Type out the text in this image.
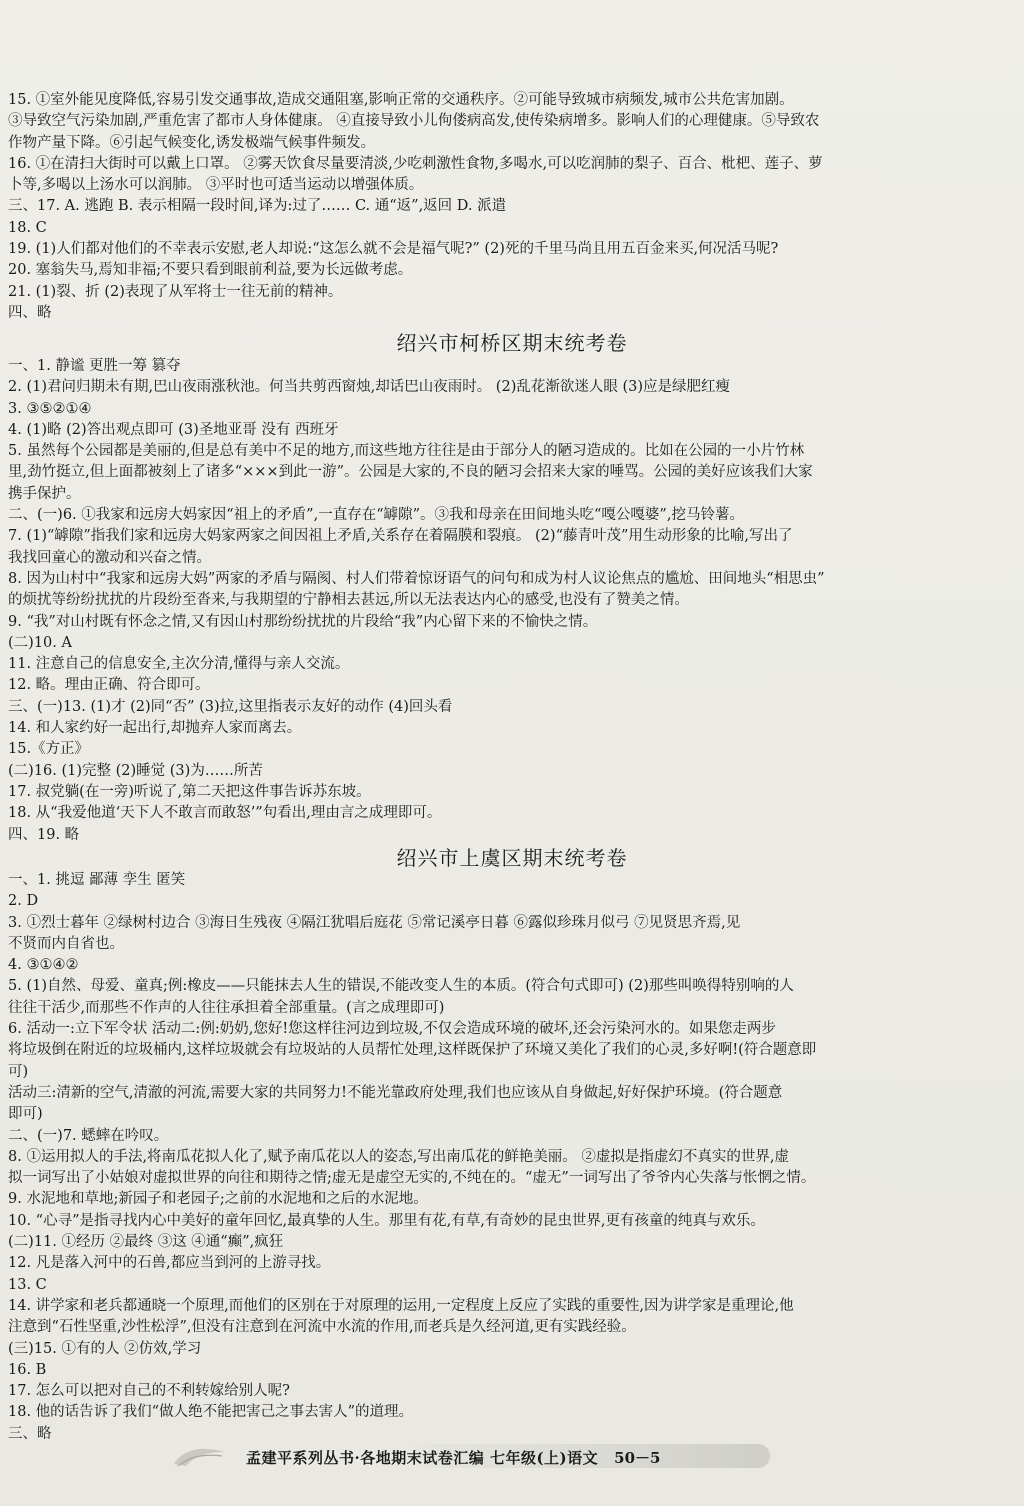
15. ①室外能见度降低,容易引发交通事故,造成交通阻塞,影响正常的交通秩序。②可能导致城市病频发,城市公共危害加剧。
③导致空气污染加剧,严重危害了都市人身体健康。 ④直接导致小儿佝偻病高发,使传染病增多。影响人们的心理健康。⑤导致农
作物产量下降。⑥引起气候变化,诱发极端气候事件频发。
16. ①在清扫大街时可以戴上口罩。 ②雾天饮食尽量要清淡,少吃刺激性食物,多喝水,可以吃润肺的梨子、百合、枇杷、莲子、萝
卜等,多喝以上汤水可以润肺。 ③平时也可适当运动以增强体质。
三、17. A. 逃跑 B. 表示相隔一段时间,译为:过了…… C. 通“返”,返回 D. 派遣
18. C
19. (1)人们都对他们的不幸表示安慰,老人却说:“这怎么就不会是福气呢?” (2)死的千里马尚且用五百金来买,何况活马呢?
20. 塞翁失马,焉知非福;不要只看到眼前利益,要为长远做考虑。
21. (1)裂、折 (2)表现了从军将士一往无前的精神。
四、略
绍兴市柯桥区期末统考卷
一、1. 静谧 更胜一筹 篡夺
2. (1)君问归期未有期,巴山夜雨涨秋池。何当共剪西窗烛,却话巴山夜雨时。 (2)乱花渐欲迷人眼 (3)应是绿肥红瘦
3. ③⑤②①④
4. (1)略 (2)答出观点即可 (3)圣地亚哥 没有 西班牙
5. 虽然每个公园都是美丽的,但是总有美中不足的地方,而这些地方往往是由于部分人的陋习造成的。比如在公园的一小片竹林
里,劲竹挺立,但上面都被刻上了诸多“×××到此一游”。公园是大家的,不良的陋习会招来大家的唾骂。公园的美好应该我们大家
携手保护。
二、(一)6. ①我家和远房大妈家因“祖上的矛盾”,一直存在“罅隙”。③我和母亲在田间地头吃“嘎公嘎婆”,挖马铃薯。
7. (1)“罅隙”指我们家和远房大妈家两家之间因祖上矛盾,关系存在着隔膜和裂痕。 (2)“藤青叶茂”用生动形象的比喻,写出了
我找回童心的激动和兴奋之情。
8. 因为山村中“我家和远房大妈”两家的矛盾与隔阂、村人们带着惊讶语气的问句和成为村人议论焦点的尴尬、田间地头“相思虫”
的烦扰等纷纷扰扰的片段纷至沓来,与我期望的宁静相去甚远,所以无法表达内心的感受,也没有了赞美之情。
9. “我”对山村既有怀念之情,又有因山村那纷纷扰扰的片段给“我”内心留下来的不愉快之情。
(二)10. A
11. 注意自己的信息安全,主次分清,懂得与亲人交流。
12. 略。理由正确、符合即可。
三、(一)13. (1)才 (2)同“否” (3)拉,这里指表示友好的动作 (4)回头看
14. 和人家约好一起出行,却抛弃人家而离去。
15.《方正》
(二)16. (1)完整 (2)睡觉 (3)为……所苦
17. 叔党躺(在一旁)听说了,第二天把这件事告诉苏东坡。
18. 从“我爱他道‘天下人不敢言而敢怒’”句看出,理由言之成理即可。
四、19. 略
绍兴市上虞区期末统考卷
一、1. 挑逗 鄙薄 孪生 匿笑
2. D
3. ①烈士暮年 ②绿树村边合 ③海日生残夜 ④隔江犹唱后庭花 ⑤常记溪亭日暮 ⑥露似珍珠月似弓 ⑦见贤思齐焉,见
不贤而内自省也。
4. ③①④②
5. (1)自然、母爱、童真;例:橡皮——只能抹去人生的错误,不能改变人生的本质。(符合句式即可) (2)那些叫唤得特别响的人
往往干活少,而那些不作声的人往往承担着全部重量。(言之成理即可)
6. 活动一:立下军令状 活动二:例:奶奶,您好!您这样往河边到垃圾,不仅会造成环境的破坏,还会污染河水的。如果您走两步
将垃圾倒在附近的垃圾桶内,这样垃圾就会有垃圾站的人员帮忙处理,这样既保护了环境又美化了我们的心灵,多好啊!(符合题意即
可)
活动三:清新的空气,清澈的河流,需要大家的共同努力!不能光靠政府处理,我们也应该从自身做起,好好保护环境。(符合题意
即可)
二、(一)7. 蟋蟀在吟叹。
8. ①运用拟人的手法,将南瓜花拟人化了,赋予南瓜花以人的姿态,写出南瓜花的鲜艳美丽。 ②虚拟是指虚幻不真实的世界,虚
拟一词写出了小姑娘对虚拟世界的向往和期待之情;虚无是虚空无实的,不纯在的。“虚无”一词写出了爷爷内心失落与怅惘之情。
9. 水泥地和草地;新园子和老园子;之前的水泥地和之后的水泥地。
10. “心寻”是指寻找内心中美好的童年回忆,最真挚的人生。那里有花,有草,有奇妙的昆虫世界,更有孩童的纯真与欢乐。
(二)11. ①经历 ②最终 ③这 ④通“癫”,疯狂
12. 凡是落入河中的石兽,都应当到河的上游寻找。
13. C
14. 讲学家和老兵都通晓一个原理,而他们的区别在于对原理的运用,一定程度上反应了实践的重要性,因为讲学家是重理论,他
注意到“石性坚重,沙性松浮”,但没有注意到在河流中水流的作用,而老兵是久经河道,更有实践经验。
(三)15. ①有的人 ②仿效,学习
16. B
17. 怎么可以把对自己的不利转嫁给别人呢?
18. 他的话告诉了我们“做人绝不能把害己之事去害人”的道理。
三、略
孟建平系列丛书·各地期末试卷汇编 七年级(上)语文 50－5
